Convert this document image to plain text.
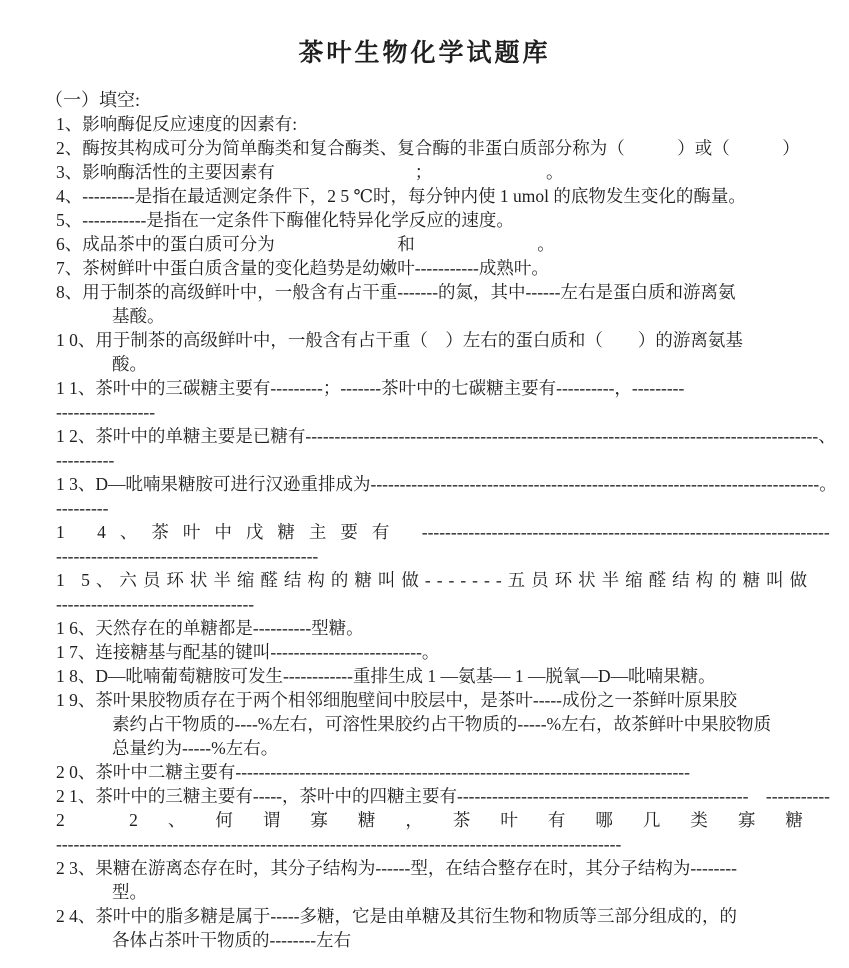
茶叶生物化学试题库
（一）填空:
1、影响酶促反应速度的因素有:
2、酶按其构成可分为简单酶类和复合酶类、复合酶的非蛋白质部分称为（　　　）或（　　　）
3、影响酶活性的主要因素有　　　　　　　　；　　　　　　　。
4、---------是指在最适测定条件下，2 5 ℃时，每分钟内使 1 umol 的底物发生变化的酶量。
5、-----------是指在一定条件下酶催化特异化学反应的速度。
6、成品茶中的蛋白质可分为　　　　　　　和　　　　　　　。
7、茶树鲜叶中蛋白质含量的变化趋势是幼嫩叶-----------成熟叶。
8、用于制茶的高级鲜叶中，一般含有占干重-------的氮，其中------左右是蛋白质和游离氨
基酸。
1 0、用于制茶的高级鲜叶中，一般含有占干重（　）左右的蛋白质和（　　）的游离氨基
酸。
1 1、茶叶中的三碳糖主要有---------；-------茶叶中的七碳糖主要有----------，---------
-----------------
1 2、茶叶中的单糖主要是已糖有----------------------------------------------------------------------------------------、
----------
1 3、D—吡喃果糖胺可进行汉逊重排成为-----------------------------------------------------------------------------。
---------
1 4、茶叶中戊糖主要有 ----------------------------------------------------------------------
---------------------------------------------
1 5、六员环状半缩醛结构的糖叫做-------五员环状半缩醛结构的糖叫做
----------------------------------
1 6、天然存在的单糖都是----------型糖。
1 7、连接糖基与配基的键叫--------------------------。
1 8、D—吡喃葡萄糖胺可发生------------重排生成 1 —氨基— 1 —脱氧—D—吡喃果糖。
1 9、茶叶果胶物质存在于两个相邻细胞壁间中胶层中，是茶叶-----成份之一茶鲜叶原果胶
素约占干物质的----%左右，可溶性果胶约占干物质的-----%左右，故茶鲜叶中果胶物质
总量约为-----%左右。
2 0、茶叶中二糖主要有------------------------------------------------------------------------------
2 1、茶叶中的三糖主要有-----，茶叶中的四糖主要有--------------------------------------------------　-----------
2 2、何谓寡糖，茶叶有哪几类寡糖
-------------------------------------------------------------------------------------------------
2 3、果糖在游离态存在时，其分子结构为------型，在结合整存在时，其分子结构为--------
型。
2 4、茶叶中的脂多糖是属于-----多糖，它是由单糖及其衍生物和物质等三部分组成的，的
各体占茶叶干物质的--------左右
